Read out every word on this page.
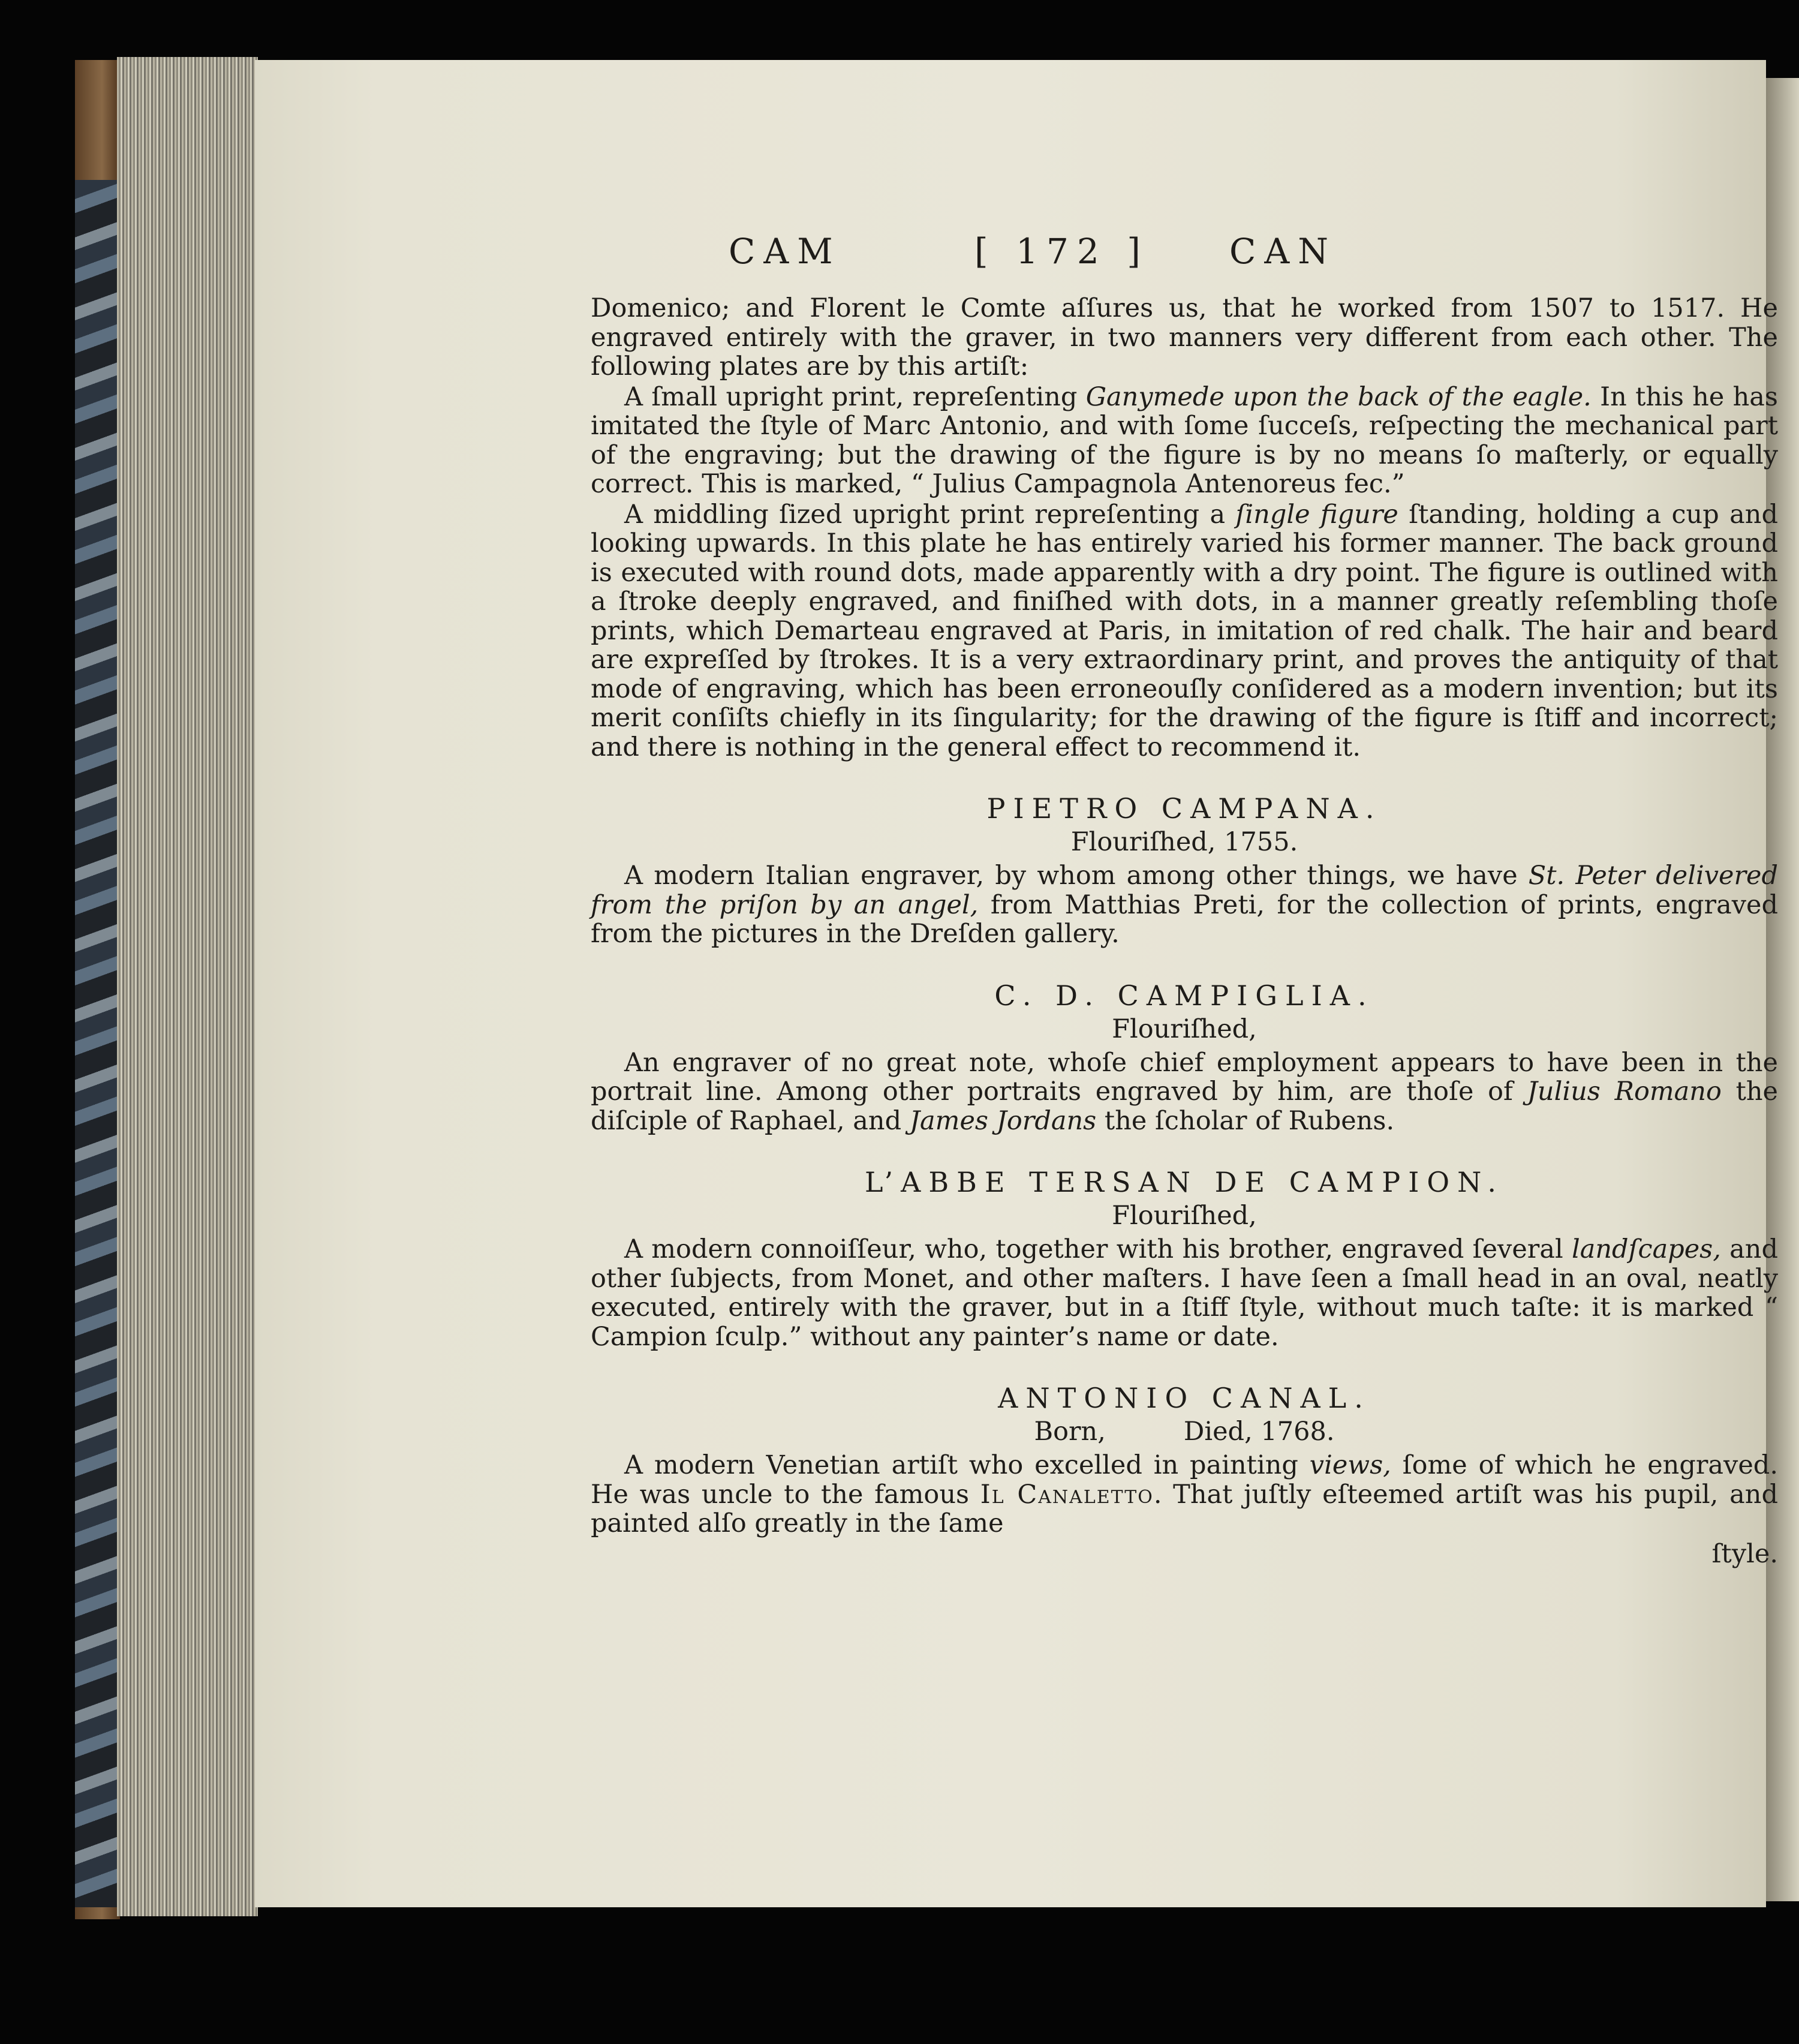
CAM	[ 172 ] CAN

Domenico; and Florent le Comte aſſures us, that he worked from 1507 to 1517. He engraved entirely with the graver, in two manners very different from each other. The following plates are by this artiſt:

A ſmall upright print, repreſenting Ganymede upon the back of the eagle. In this he has imitated the ſtyle of Marc Antonio, and with ſome ſucceſs, reſpecting the mechanical part of the engraving; but the drawing of the figure is by no means ſo maſterly, or equally correct. This is marked, “ Julius Campagnola Antenoreus fec.”

A middling ſized upright print repreſenting a ſingle figure ſtanding, holding a cup and looking upwards. In this plate he has entirely varied his former manner. The back ground is executed with round dots, made apparently with a dry point. The figure is outlined with a ſtroke deeply engraved, and finiſhed with dots, in a manner greatly reſembling thoſe prints, which Demarteau engraved at Paris, in imitation of red chalk. The hair and beard are expreſſed by ſtrokes. It is a very extraordinary print, and proves the antiquity of that mode of engraving, which has been erroneouſly conſidered as a modern invention; but its merit conſiſts chiefly in its ſingularity; for the drawing of the figure is ſtiff and incorrect; and there is nothing in the general effect to recommend it.

PIETRO CAMPANA.
Flouriſhed, 1755.

A modern Italian engraver, by whom among other things, we have St. Peter delivered from the priſon by an angel, from Matthias Preti, for the collection of prints, engraved from the pictures in the Dreſden gallery.

C. D. CAMPIGLIA.
Flouriſhed,

An engraver of no great note, whoſe chief employment appears to have been in the portrait line. Among other portraits engraved by him, are thoſe of Julius Romano the diſciple of Raphael, and James Jordans the ſcholar of Rubens.

L’ABBE TERSAN DE CAMPION.
Flouriſhed,

A modern connoiſſeur, who, together with his brother, engraved ſeveral landſcapes, and other ſubjects, from Monet, and other maſters. I have ſeen a ſmall head in an oval, neatly executed, entirely with the graver, but in a ſtiff ſtyle, without much taſte: it is marked “ Campion ſculp.” without any painter’s name or date.

ANTONIO CANAL.
Born,	Died, 1768.

A modern Venetian artiſt who excelled in painting views, ſome of which he engraved. He was uncle to the famous Il Canaletto. That juſtly eſteemed artiſt was his pupil, and painted alſo greatly in the ſame

ſtyle.
